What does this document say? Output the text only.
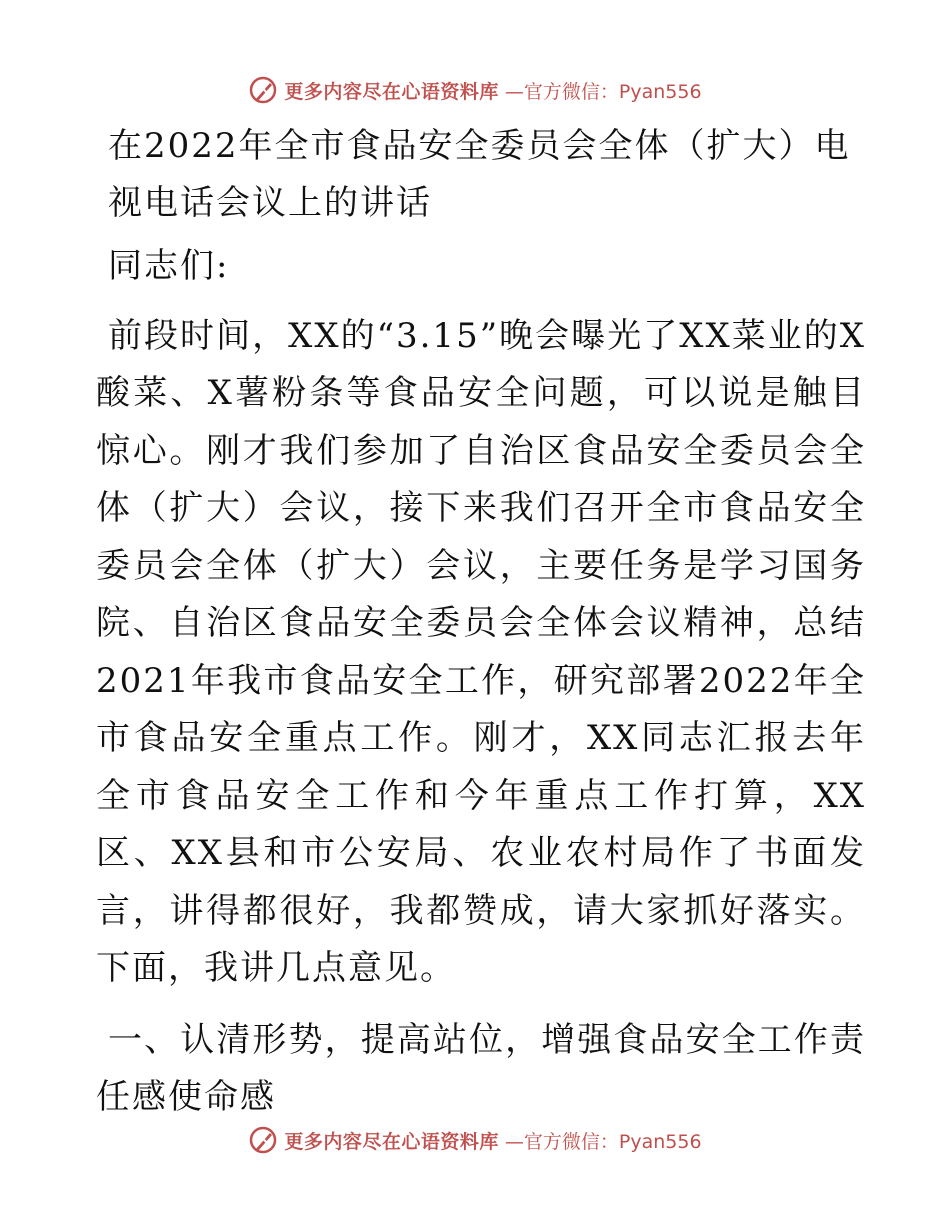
更多内容尽在心语资料库 —官方微信：Pyan556
在2022年全市食品安全委员会全体（扩大）电视电话会议上的讲话

同志们:

前段时间，XX的“3.15”晚会曝光了XX菜业的X酸菜、X薯粉条等食品安全问题，可以说是触目惊心。刚才我们参加了自治区食品安全委员会全体（扩大）会议，接下来我们召开全市食品安全委员会全体（扩大）会议，主要任务是学习国务院、自治区食品安全委员会全体会议精神，总结2021年我市食品安全工作，研究部署2022年全市食品安全重点工作。刚才，XX同志汇报去年全市食品安全工作和今年重点工作打算，XX区、XX县和市公安局、农业农村局作了书面发言，讲得都很好，我都赞成，请大家抓好落实。下面，我讲几点意见。

一、认清形势，提高站位，增强食品安全工作责任感使命感

更多内容尽在心语资料库 —官方微信：Pyan556
